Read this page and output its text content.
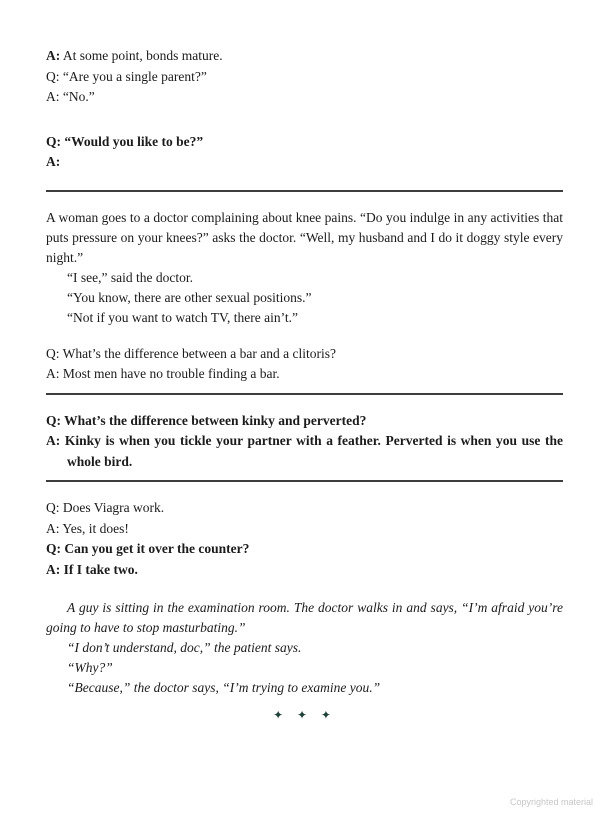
A: At some point, bonds mature.

Q: “Are you a single parent?”

A: “No.”

Q: “Would you like to be?”

A:

A woman goes to a doctor complaining about knee pains. “Do you indulge in any activities that puts pressure on your knees?” asks the doctor. “Well, my husband and I do it doggy style every night.”

“I see,” said the doctor.

“You know, there are other sexual positions.”

“Not if you want to watch TV, there ain’t.”

Q: What’s the difference between a bar and a clitoris?

A: Most men have no trouble finding a bar.

Q: What’s the difference between kinky and perverted?

A: Kinky is when you tickle your partner with a feather. Perverted is when you use the whole bird.

Q: Does Viagra work.

A: Yes, it does!

Q: Can you get it over the counter?

A: If I take two.

A guy is sitting in the examination room. The doctor walks in and says, “I’m afraid you’re going to have to stop masturbating.”

“I don’t understand, doc,” the patient says.

“Why?”

“Because,” the doctor says, “I’m trying to examine you.”

✦ ✦ ✦
Copyrighted material
